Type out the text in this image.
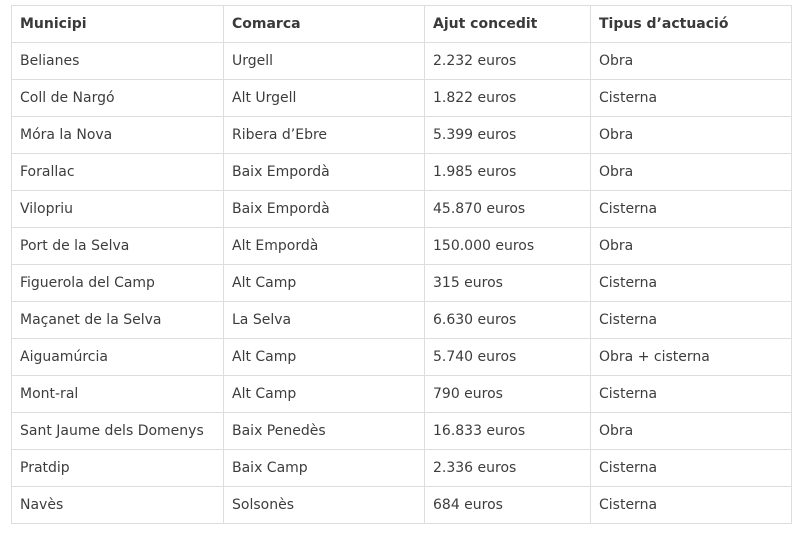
Municipi	Comarca	Ajut concedit	Tipus d’actuació
Belianes	Urgell	2.232 euros	Obra
Coll de Nargó	Alt Urgell	1.822 euros	Cisterna
Móra la Nova	Ribera d’Ebre	5.399 euros	Obra
Forallac	Baix Empordà	1.985 euros	Obra
Vilopriu	Baix Empordà	45.870 euros	Cisterna
Port de la Selva	Alt Empordà	150.000 euros	Obra
Figuerola del Camp	Alt Camp	315 euros	Cisterna
Maçanet de la Selva	La Selva	6.630 euros	Cisterna
Aiguamúrcia	Alt Camp	5.740 euros	Obra + cisterna
Mont-ral	Alt Camp	790 euros	Cisterna
Sant Jaume dels Domenys	Baix Penedès	16.833 euros	Obra
Pratdip	Baix Camp	2.336 euros	Cisterna
Navès	Solsonès	684 euros	Cisterna
